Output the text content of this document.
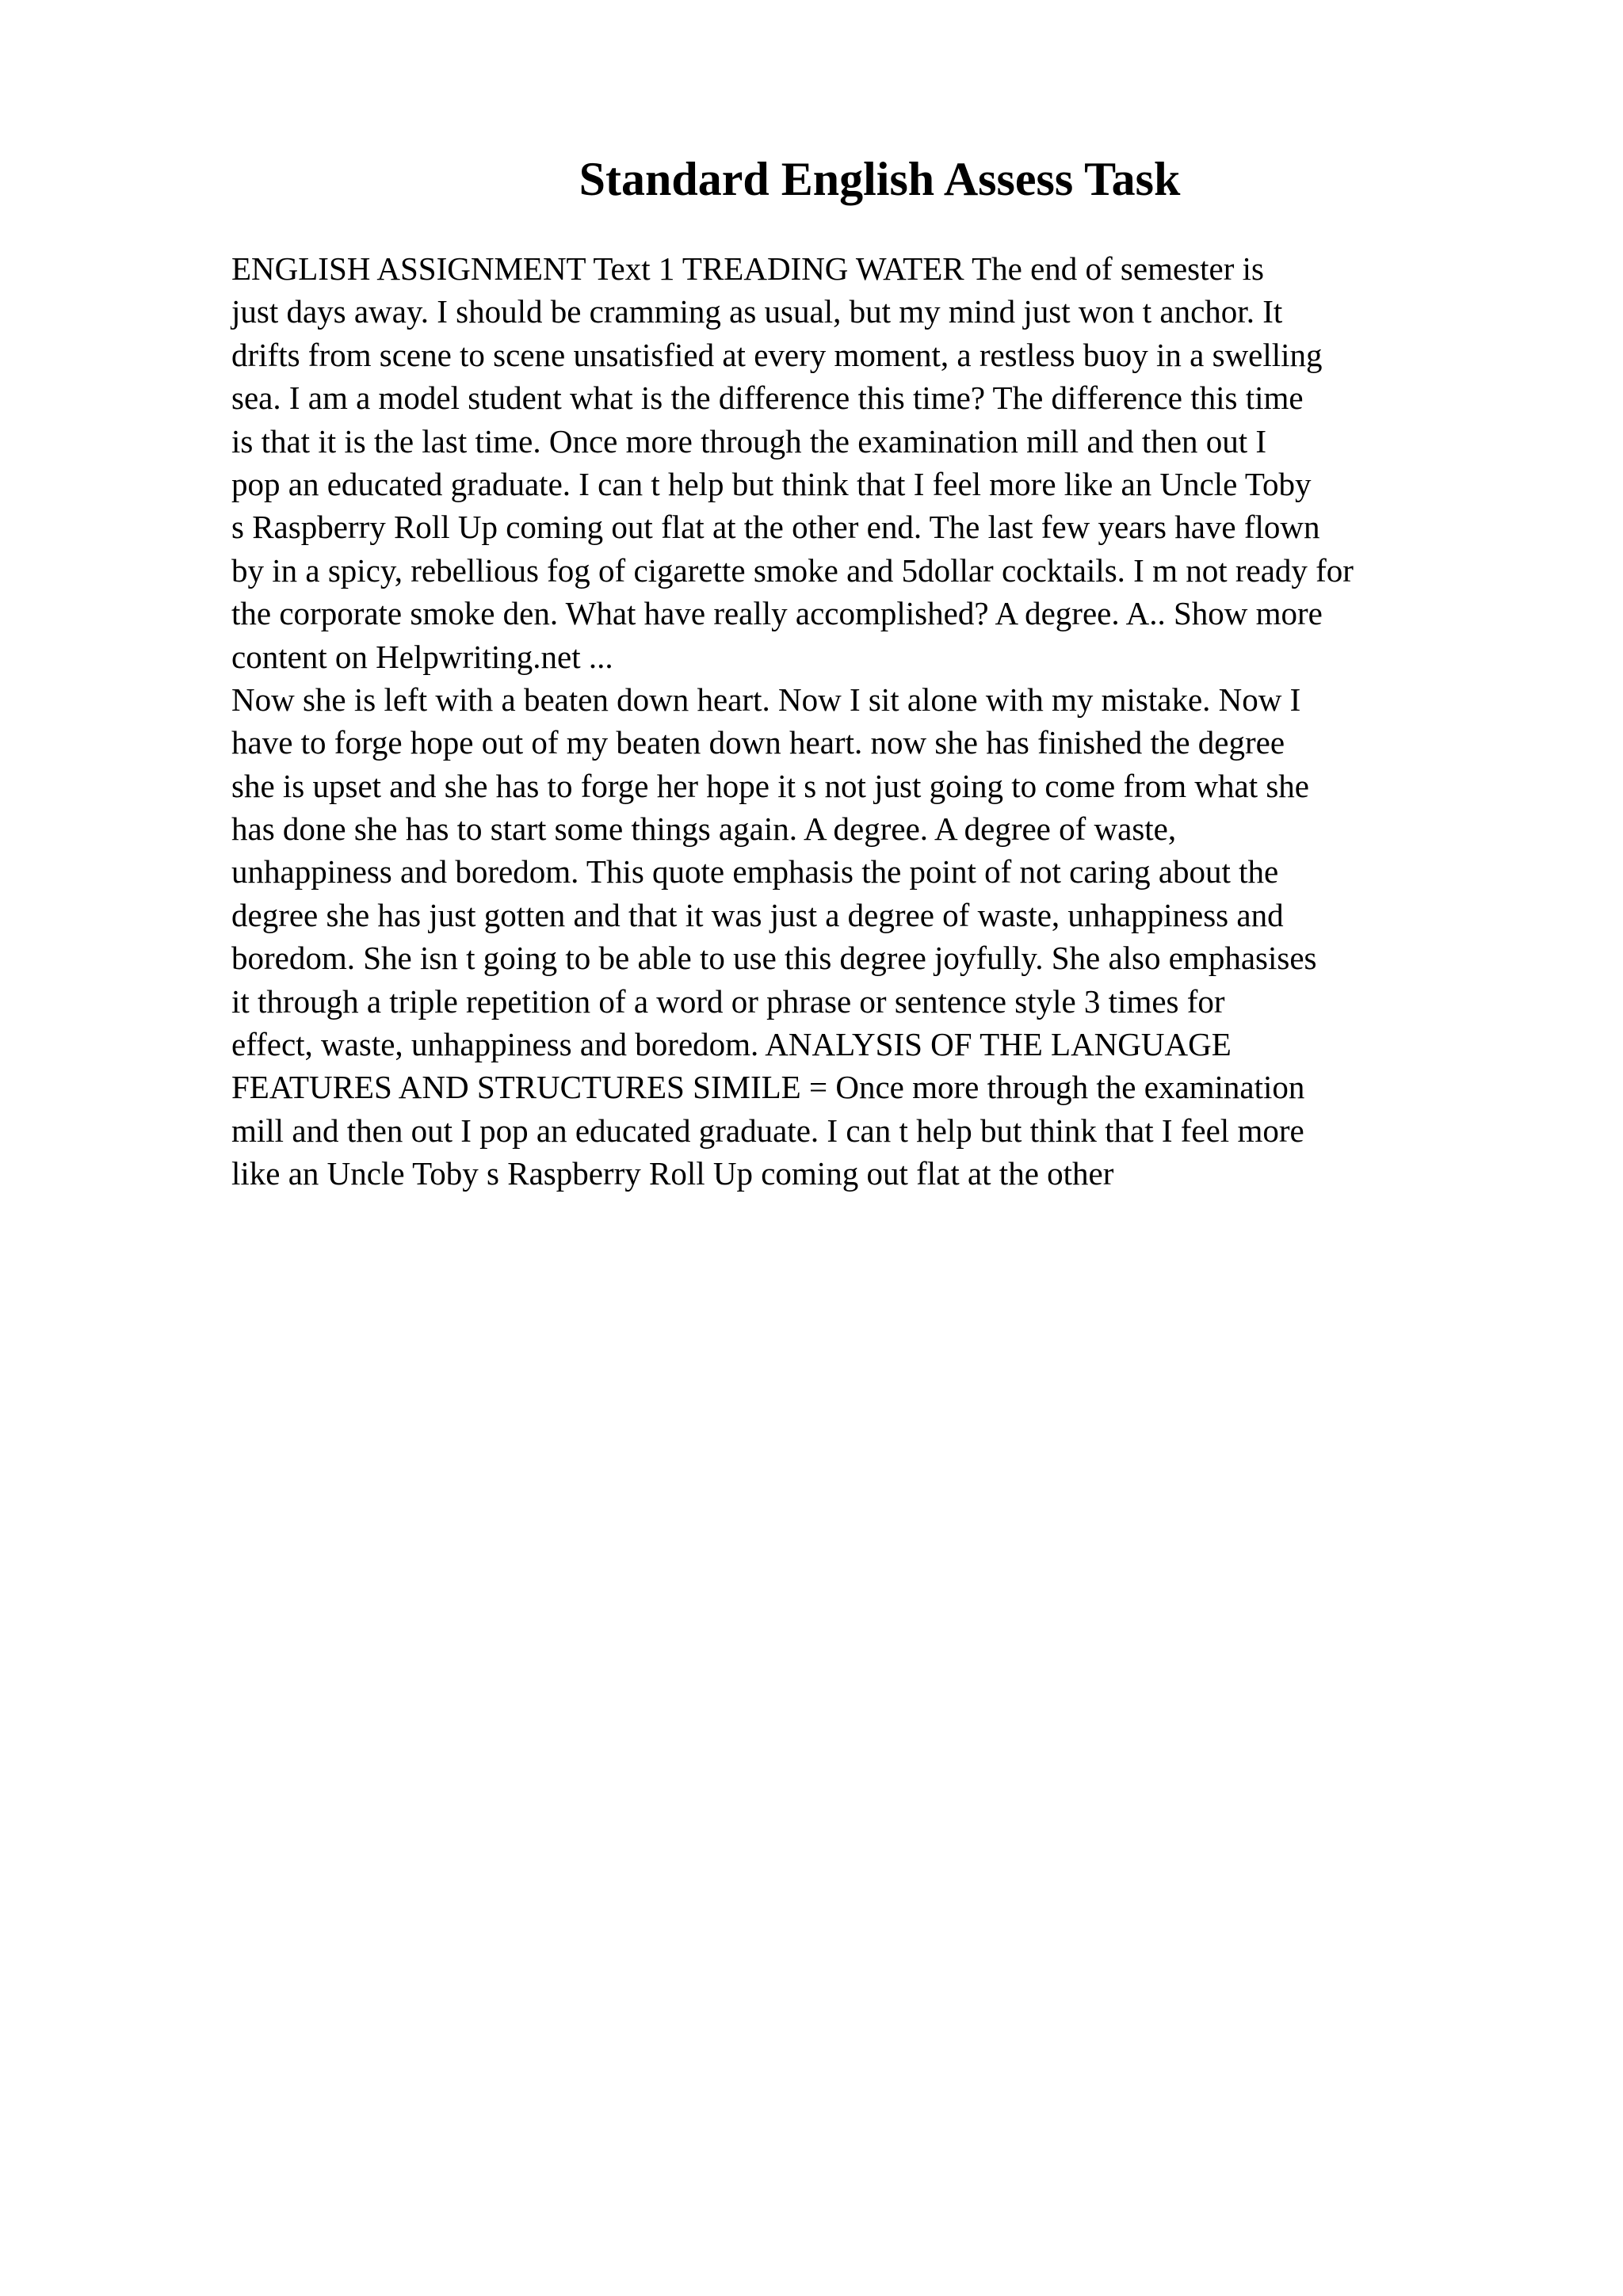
Standard English Assess Task

ENGLISH ASSIGNMENT Text 1 TREADING WATER The end of semester is

just days away. I should be cramming as usual, but my mind just won t anchor. It

drifts from scene to scene unsatisfied at every moment, a restless buoy in a swelling

sea. I am a model student what is the difference this time? The difference this time

is that it is the last time. Once more through the examination mill and then out I

pop an educated graduate. I can t help but think that I feel more like an Uncle Toby

s Raspberry Roll Up coming out flat at the other end. The last few years have flown

by in a spicy, rebellious fog of cigarette smoke and 5dollar cocktails. I m not ready for

the corporate smoke den. What have really accomplished? A degree. A.. Show more

content on Helpwriting.net ...

Now she is left with a beaten down heart. Now I sit alone with my mistake. Now I

have to forge hope out of my beaten down heart. now she has finished the degree

she is upset and she has to forge her hope it s not just going to come from what she

has done she has to start some things again. A degree. A degree of waste,

unhappiness and boredom. This quote emphasis the point of not caring about the

degree she has just gotten and that it was just a degree of waste, unhappiness and

boredom. She isn t going to be able to use this degree joyfully. She also emphasises

it through a triple repetition of a word or phrase or sentence style 3 times for

effect, waste, unhappiness and boredom. ANALYSIS OF THE LANGUAGE

FEATURES AND STRUCTURES SIMILE = Once more through the examination

mill and then out I pop an educated graduate. I can t help but think that I feel more

like an Uncle Toby s Raspberry Roll Up coming out flat at the other
